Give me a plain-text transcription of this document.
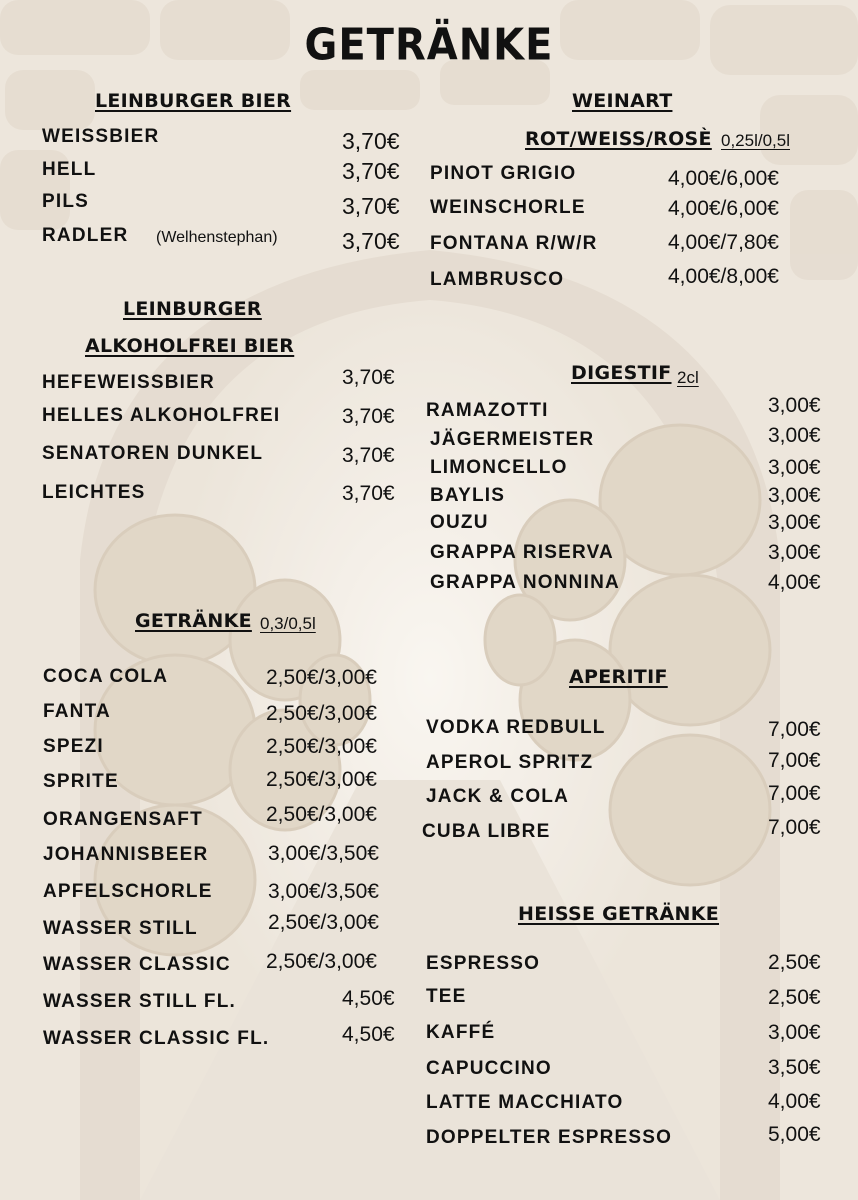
GETRÄNKE
LEINBURGER BIER
WEISSBIER	3,70€
HELL	3,70€
PILS	3,70€
RADLER (Welhenstephan)	3,70€
LEINBURGER
ALKOHOLFREI BIER
HEFEWEISSBIER	3,70€
HELLES ALKOHOLFREI	3,70€
SENATOREN DUNKEL	3,70€
LEICHTES	3,70€
GETRÄNKE 0,3/0,5l
COCA COLA	2,50€/3,00€
FANTA	2,50€/3,00€
SPEZI	2,50€/3,00€
SPRITE	2,50€/3,00€
ORANGENSAFT	2,50€/3,00€
JOHANNISBEER	3,00€/3,50€
APFELSCHORLE	3,00€/3,50€
WASSER STILL	2,50€/3,00€
WASSER CLASSIC 2,50€/3,00€
WASSER STILL FL.	4,50€
WASSER CLASSIC FL.	4,50€
WEINART
ROT/WEISS/ROSÈ 0,25l/0,5l
PINOT GRIGIO	4,00€/6,00€
WEINSCHORLE	4,00€/6,00€
FONTANA R/W/R	4,00€/7,80€
LAMBRUSCO	4,00€/8,00€
DIGESTIF 2cl
RAMAZOTTI	3,00€
JÄGERMEISTER	3,00€
LIMONCELLO	3,00€
BAYLIS	3,00€
OUZU	3,00€
GRAPPA RISERVA	3,00€
GRAPPA NONNINA	4,00€
APERITIF
VODKA REDBULL	7,00€
APEROL SPRITZ	7,00€
JACK & COLA	7,00€
CUBA LIBRE	7,00€
HEISSE GETRÄNKE
ESPRESSO	2,50€
TEE	2,50€
KAFFÉ	3,00€
CAPUCCINO	3,50€
LATTE MACCHIATO	4,00€
DOPPELTER ESPRESSO	5,00€
